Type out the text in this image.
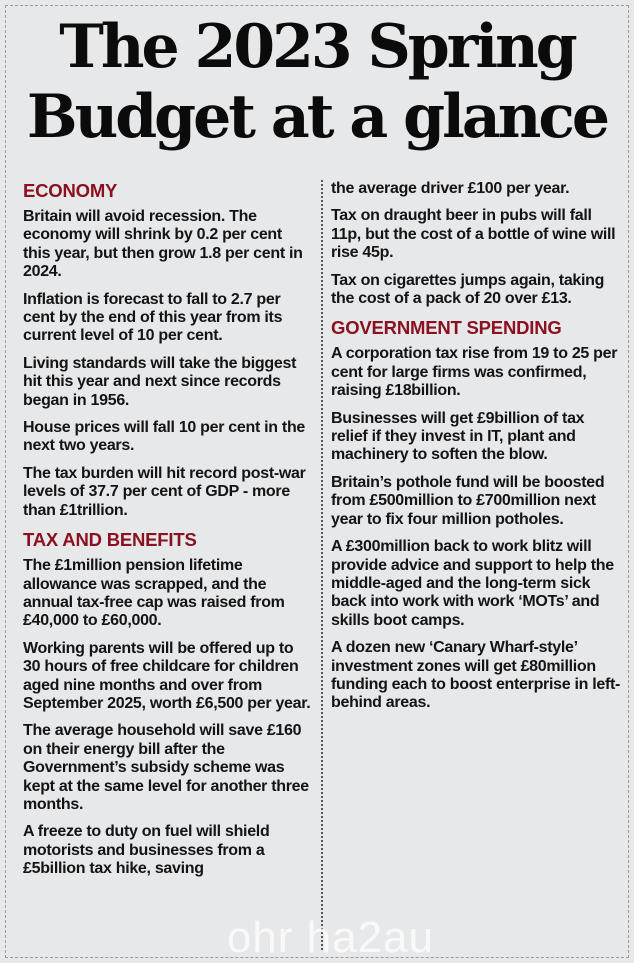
The 2023 Spring
Budget at a glance
ECONOMY

Britain will avoid recession. The economy will shrink by 0.2 per cent this year, but then grow 1.8 per cent in 2024.

Inflation is forecast to fall to 2.7 per cent by the end of this year from its current level of 10 per cent.

Living standards will take the biggest hit this year and next since records began in 1956.

House prices will fall 10 per cent in the next two years.

The tax burden will hit record post-war levels of 37.7 per cent of GDP - more than £1trillion.

TAX AND BENEFITS

The £1million pension lifetime allowance was scrapped, and the annual tax-free cap was raised from £40,000 to £60,000.

Working parents will be offered up to 30 hours of free childcare for children aged nine months and over from September 2025, worth £6,500 per year.

The average household will save £160 on their energy bill after the Government’s subsidy scheme was kept at the same level for another three months.

A freeze to duty on fuel will shield motorists and businesses from a £5billion tax hike, saving

the average driver £100 per year.

Tax on draught beer in pubs will fall 11p, but the cost of a bottle of wine will rise 45p.

Tax on cigarettes jumps again, taking the cost of a pack of 20 over £13.

GOVERNMENT SPENDING

A corporation tax rise from 19 to 25 per cent for large firms was confirmed, raising £18billion.

Businesses will get £9billion of tax relief if they invest in IT, plant and machinery to soften the blow.

Britain’s pothole fund will be boosted from £500million to £700million next year to fix four million potholes.

A £300million back to work blitz will provide advice and support to help the middle-aged and the long-term sick back into work with work ‘MOTs’ and skills boot camps.

A dozen new ‘Canary Wharf-style’ investment zones will get £80million funding each to boost enterprise in left-behind areas.

ohr ha2au
